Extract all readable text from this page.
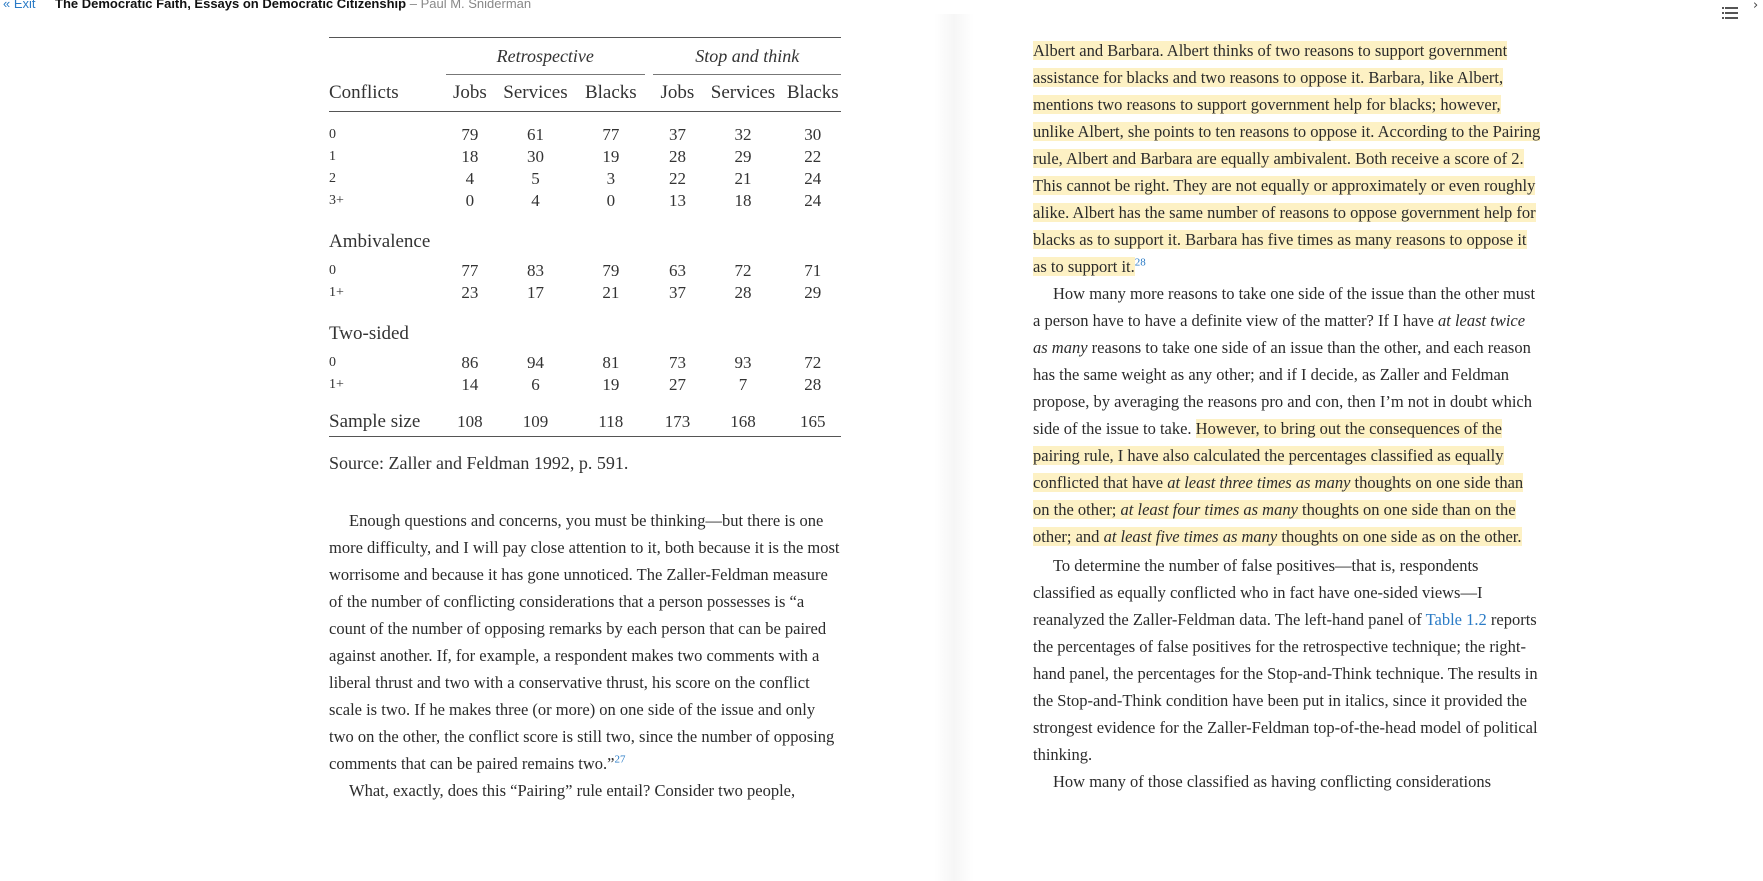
« Exit The Democratic Faith, Essays on Democratic Citizenship – Paul M. Sniderman	›
	Retrospective				Stop and think		
Conflicts	Jobs	Services	Blacks		Jobs	Services	Blacks

0	79	61	77		37	32	30
1	18	30	19		28	29	22
2	4	5	3		22	21	24
3+	0	4	0		13	18	24

Ambivalence							
0	77	83	79		63	72	71
1+	23	17	21		37	28	29

Two-sided							
0	86	94	81		73	93	72
1+	14	6	19		27	7	28

Sample size	108	109	118		173	168	165
Source: Zaller and Feldman 1992, p. 591.

Enough questions and concerns, you must be thinking—but there is one more difficulty, and I will pay close attention to it, both because it is the most worrisome and because it has gone unnoticed. The Zaller-Feldman measure of the number of conflicting considerations that a person possesses is “a count of the number of opposing remarks by each person that can be paired against another. If, for example, a respondent makes two comments with a liberal thrust and two with a conservative thrust, his score on the conflict scale is two. If he makes three (or more) on one side of the issue and only two on the other, the conflict score is still two, since the number of opposing comments that can be paired remains two.”$^{27}$

What, exactly, does this “Pairing” rule entail? Consider two people,

Albert and Barbara. Albert thinks of two reasons to support government assistance for blacks and two reasons to oppose it. Barbara, like Albert, mentions two reasons to support government help for blacks; however, unlike Albert, she points to ten reasons to oppose it. According to the Pairing rule, Albert and Barbara are equally ambivalent. Both receive a score of 2. This cannot be right. They are not equally or approximately or even roughly alike. Albert has the same number of reasons to oppose government help for blacks as to support it. Barbara has five times as many reasons to oppose it as to support it.$^{28}$

How many more reasons to take one side of the issue than the other must a person have to have a definite view of the matter? If I have at least twice as many reasons to take one side of an issue than the other, and each reason has the same weight as any other; and if I decide, as Zaller and Feldman propose, by averaging the reasons pro and con, then I’m not in doubt which side of the issue to take. However, to bring out the consequences of the pairing rule, I have also calculated the percentages classified as equally conflicted that have at least three times as many thoughts on one side than on the other; at least four times as many thoughts on one side than on the other; and at least five times as many thoughts on one side as on the other.

To determine the number of false positives—that is, respondents classified as equally conflicted who in fact have one-sided views—I reanalyzed the Zaller-Feldman data. The left-hand panel of Table 1.2 reports the percentages of false positives for the retrospective technique; the right-hand panel, the percentages for the Stop-and-Think technique. The results in the Stop-and-Think condition have been put in italics, since it provided the strongest evidence for the Zaller-Feldman top-of-the-head model of political thinking.

How many of those classified as having conflicting considerations
